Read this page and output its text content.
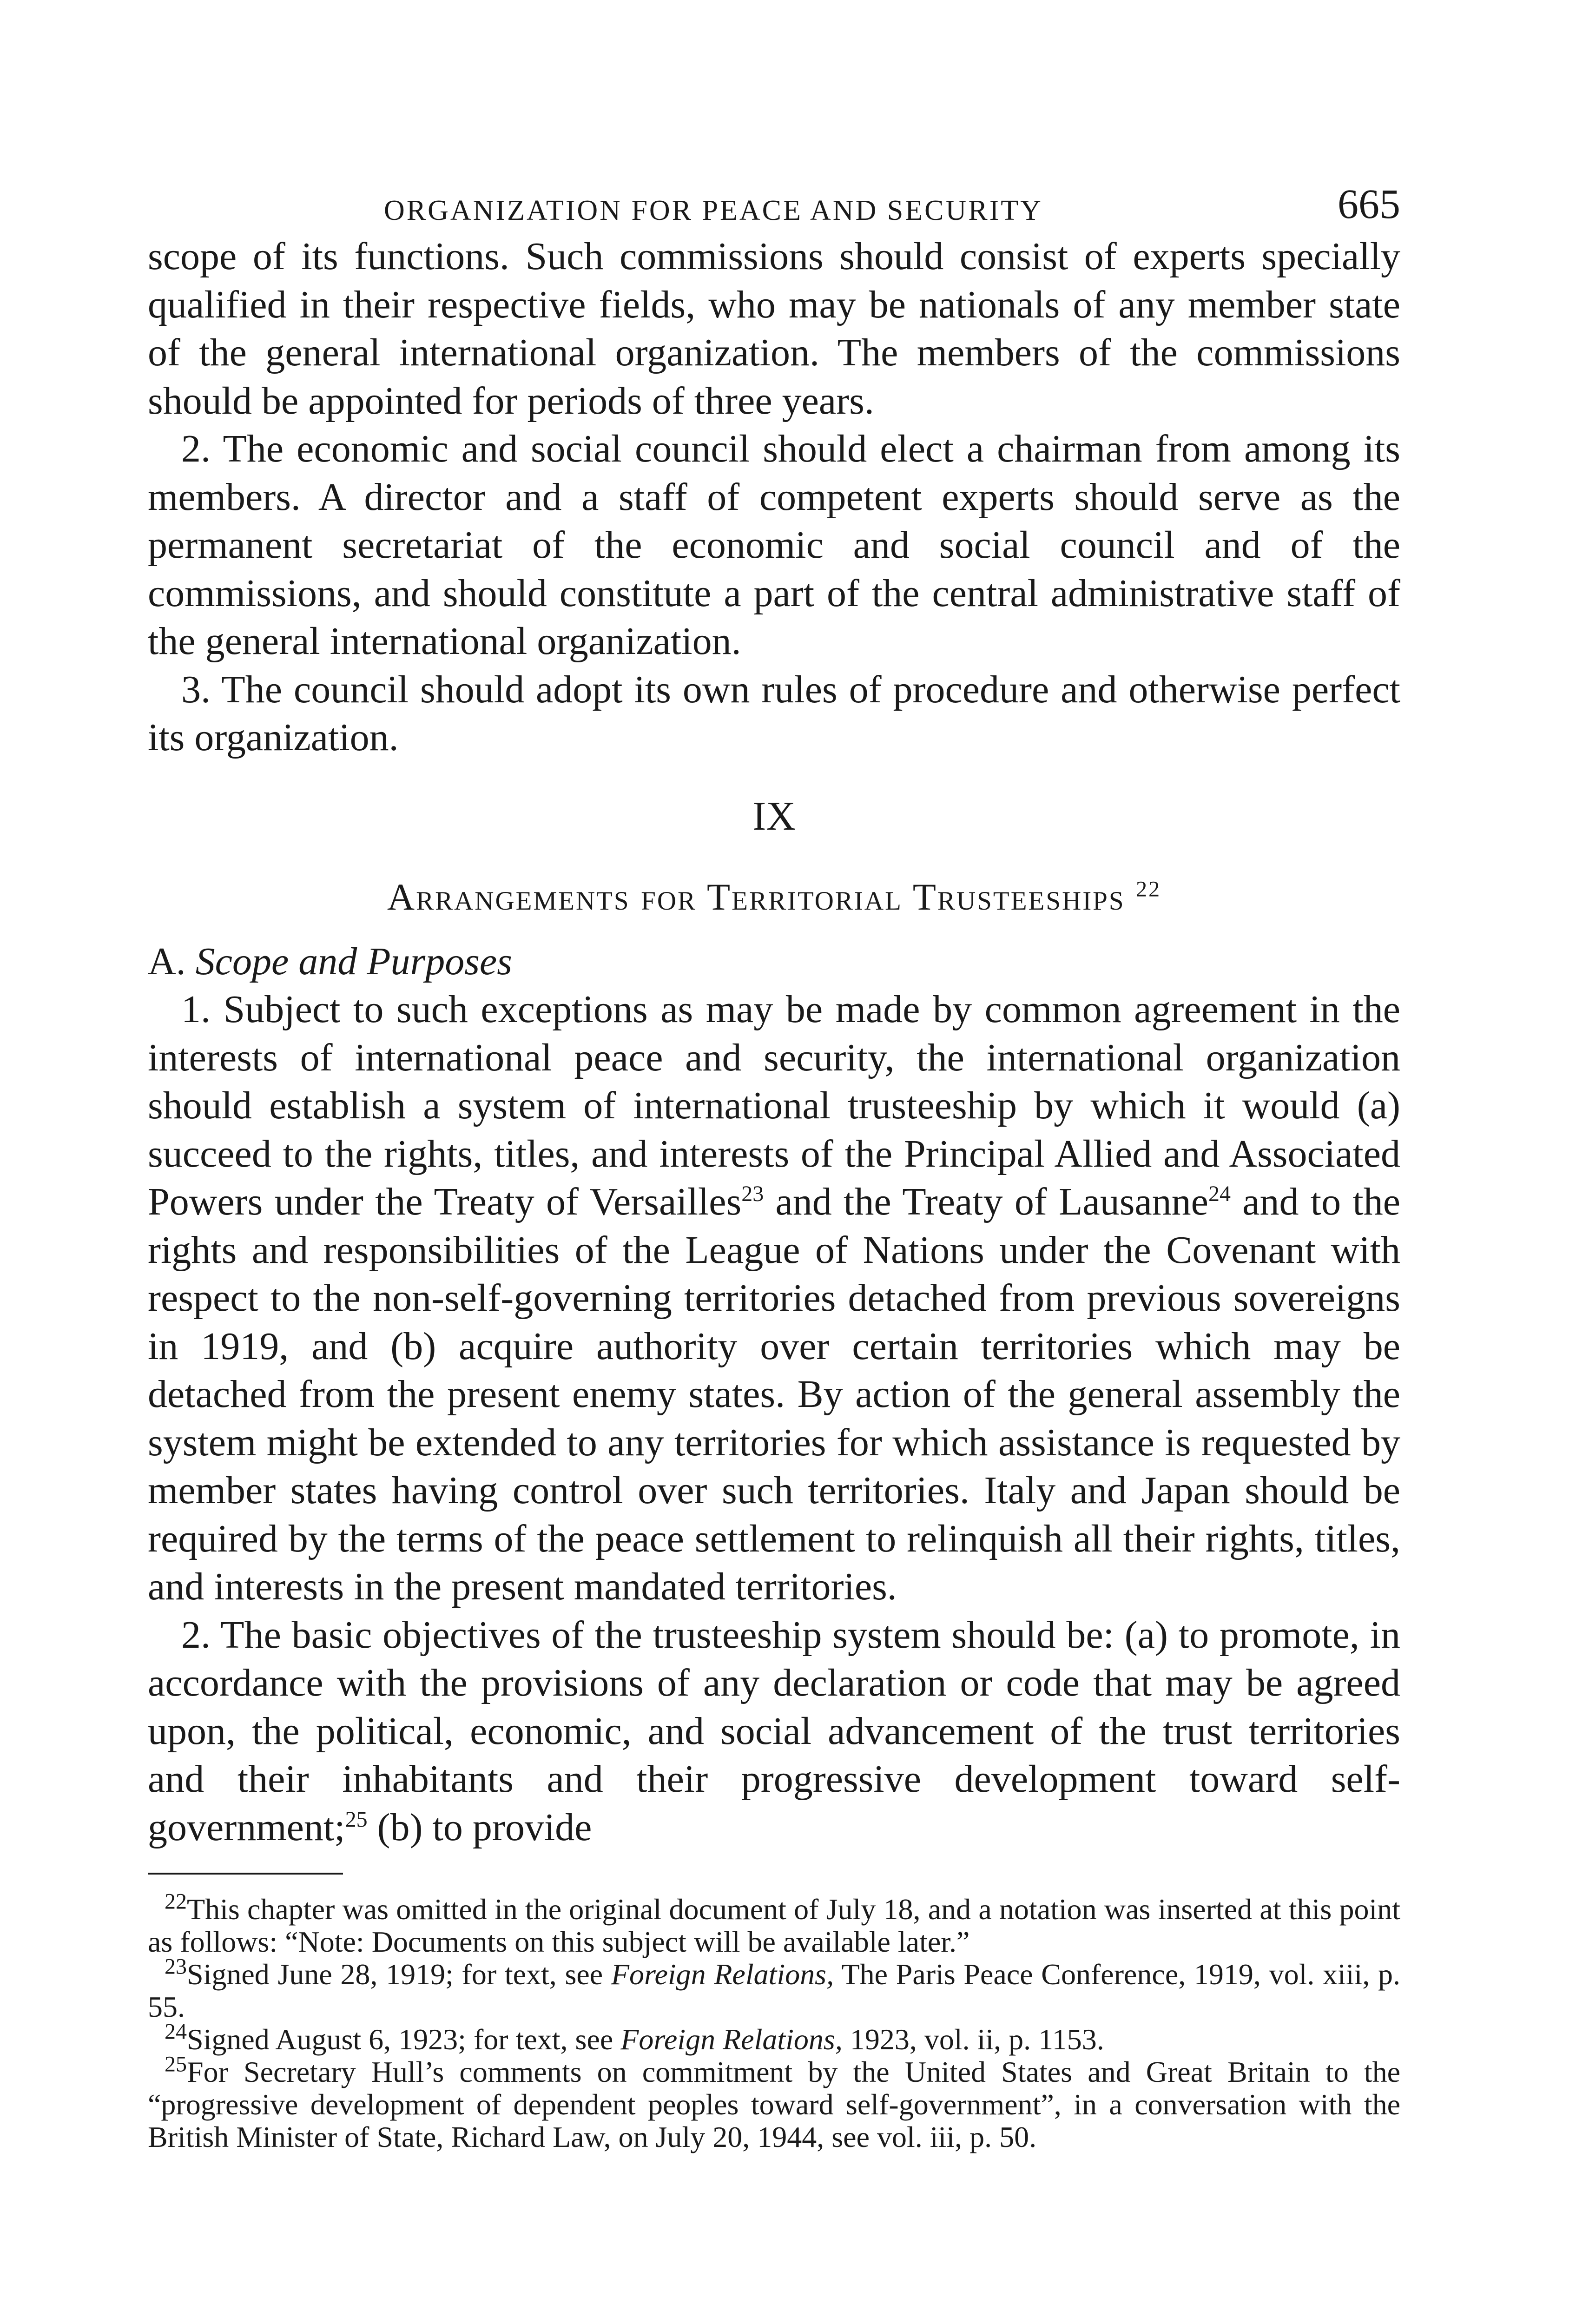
ORGANIZATION FOR PEACE AND SECURITY	665

scope of its functions. Such commissions should consist of experts specially qualified in their respective fields, who may be nationals of any member state of the general international organization. The members of the commissions should be appointed for periods of three years.

2. The economic and social council should elect a chairman from among its members. A director and a staff of competent experts should serve as the permanent secretariat of the economic and social council and of the commissions, and should constitute a part of the central administrative staff of the general international organization.

3. The council should adopt its own rules of procedure and otherwise perfect its organization.

IX
Arrangements for Territorial Trusteeships $^{22}$

A. Scope and Purposes

1. Subject to such exceptions as may be made by common agreement in the interests of international peace and security, the international organization should establish a system of international trusteeship by which it would (a) succeed to the rights, titles, and interests of the Principal Allied and Associated Powers under the Treaty of Versailles$^{23}$ and the Treaty of Lausanne$^{24}$ and to the rights and responsibilities of the League of Nations under the Covenant with respect to the non-self-governing territories detached from previous sovereigns in 1919, and (b) acquire authority over certain territories which may be detached from the present enemy states. By action of the general assembly the system might be extended to any territories for which assistance is requested by member states having control over such territories. Italy and Japan should be required by the terms of the peace settlement to relinquish all their rights, titles, and interests in the present mandated territories.

2. The basic objectives of the trusteeship system should be: (a) to promote, in accordance with the provisions of any declaration or code that may be agreed upon, the political, economic, and social advancement of the trust territories and their inhabitants and their progressive development toward self-government;$^{25}$ (b) to provide

$^{22}$This chapter was omitted in the original document of July 18, and a notation was inserted at this point as follows: “Note: Documents on this subject will be available later.”

$^{23}$Signed June 28, 1919; for text, see Foreign Relations, The Paris Peace Conference, 1919, vol. xiii, p. 55.

$^{24}$Signed August 6, 1923; for text, see Foreign Relations, 1923, vol. ii, p. 1153.

$^{25}$For Secretary Hull’s comments on commitment by the United States and Great Britain to the “progressive development of dependent peoples toward self-government”, in a conversation with the British Minister of State, Richard Law, on July 20, 1944, see vol. iii, p. 50.
